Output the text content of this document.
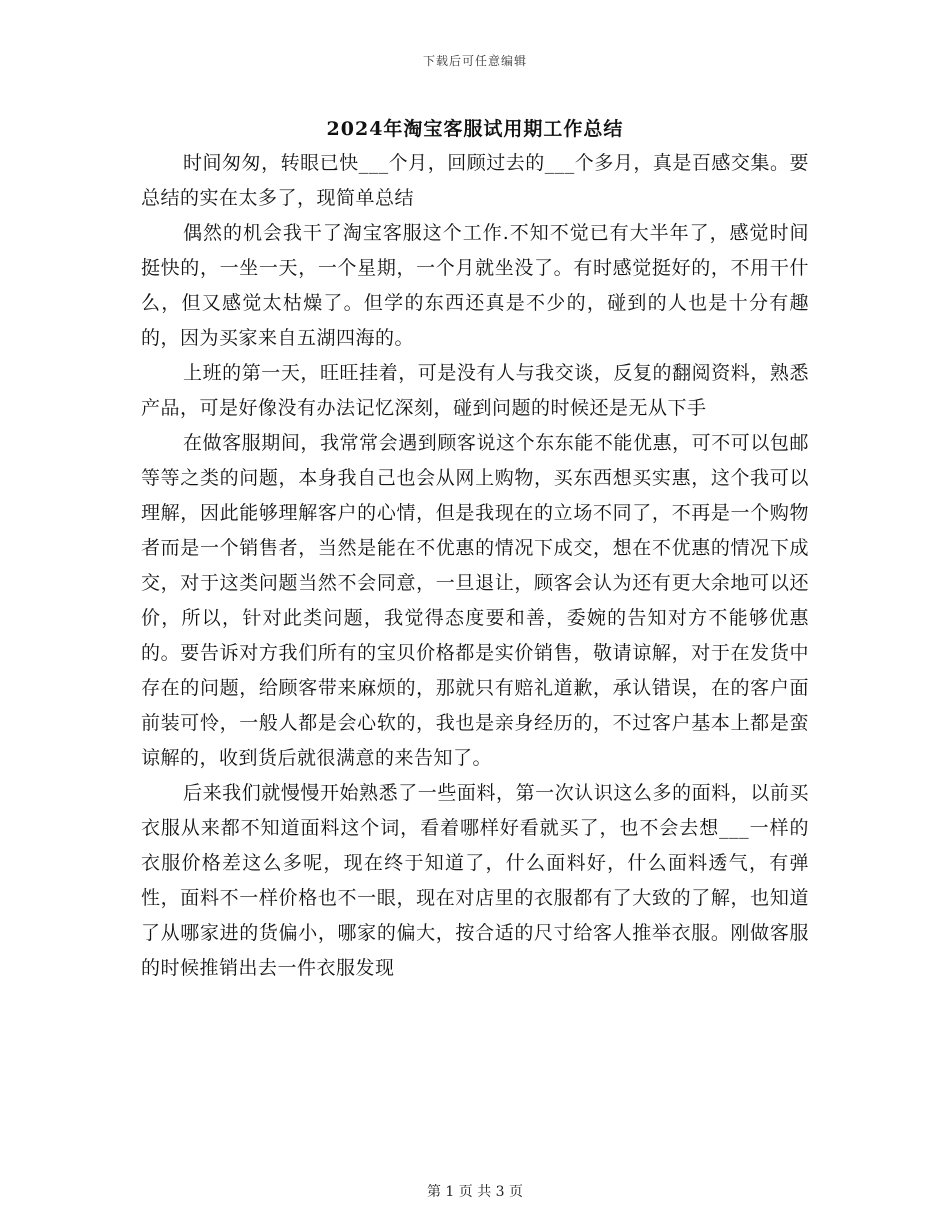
下载后可任意编辑
2024年淘宝客服试用期工作总结

时间匆匆，转眼已快___个月，回顾过去的___个多月，真是百感交集。要总结的实在太多了，现简单总结

偶然的机会我干了淘宝客服这个工作.不知不觉已有大半年了，感觉时间挺快的，一坐一天，一个星期，一个月就坐没了。有时感觉挺好的，不用干什么，但又感觉太枯燥了。但学的东西还真是不少的，碰到的人也是十分有趣的，因为买家来自五湖四海的。

上班的第一天，旺旺挂着，可是没有人与我交谈，反复的翻阅资料，熟悉产品，可是好像没有办法记忆深刻，碰到问题的时候还是无从下手

在做客服期间，我常常会遇到顾客说这个东东能不能优惠，可不可以包邮等等之类的问题，本身我自己也会从网上购物，买东西想买实惠，这个我可以理解，因此能够理解客户的心情，但是我现在的立场不同了，不再是一个购物者而是一个销售者，当然是能在不优惠的情况下成交，想在不优惠的情况下成交，对于这类问题当然不会同意，一旦退让，顾客会认为还有更大余地可以还价，所以，针对此类问题，我觉得态度要和善，委婉的告知对方不能够优惠的。要告诉对方我们所有的宝贝价格都是实价销售，敬请谅解，对于在发货中存在的问题，给顾客带来麻烦的，那就只有赔礼道歉，承认错误，在的客户面前装可怜，一般人都是会心软的，我也是亲身经历的，不过客户基本上都是蛮谅解的，收到货后就很满意的来告知了。

后来我们就慢慢开始熟悉了一些面料，第一次认识这么多的面料，以前买衣服从来都不知道面料这个词，看着哪样好看就买了，也不会去想___一样的衣服价格差这么多呢，现在终于知道了，什么面料好，什么面料透气，有弹性，面料不一样价格也不一眼，现在对店里的衣服都有了大致的了解，也知道了从哪家进的货偏小，哪家的偏大，按合适的尺寸给客人推举衣服。刚做客服的时候推销出去一件衣服发现

第 1 页 共 3 页
